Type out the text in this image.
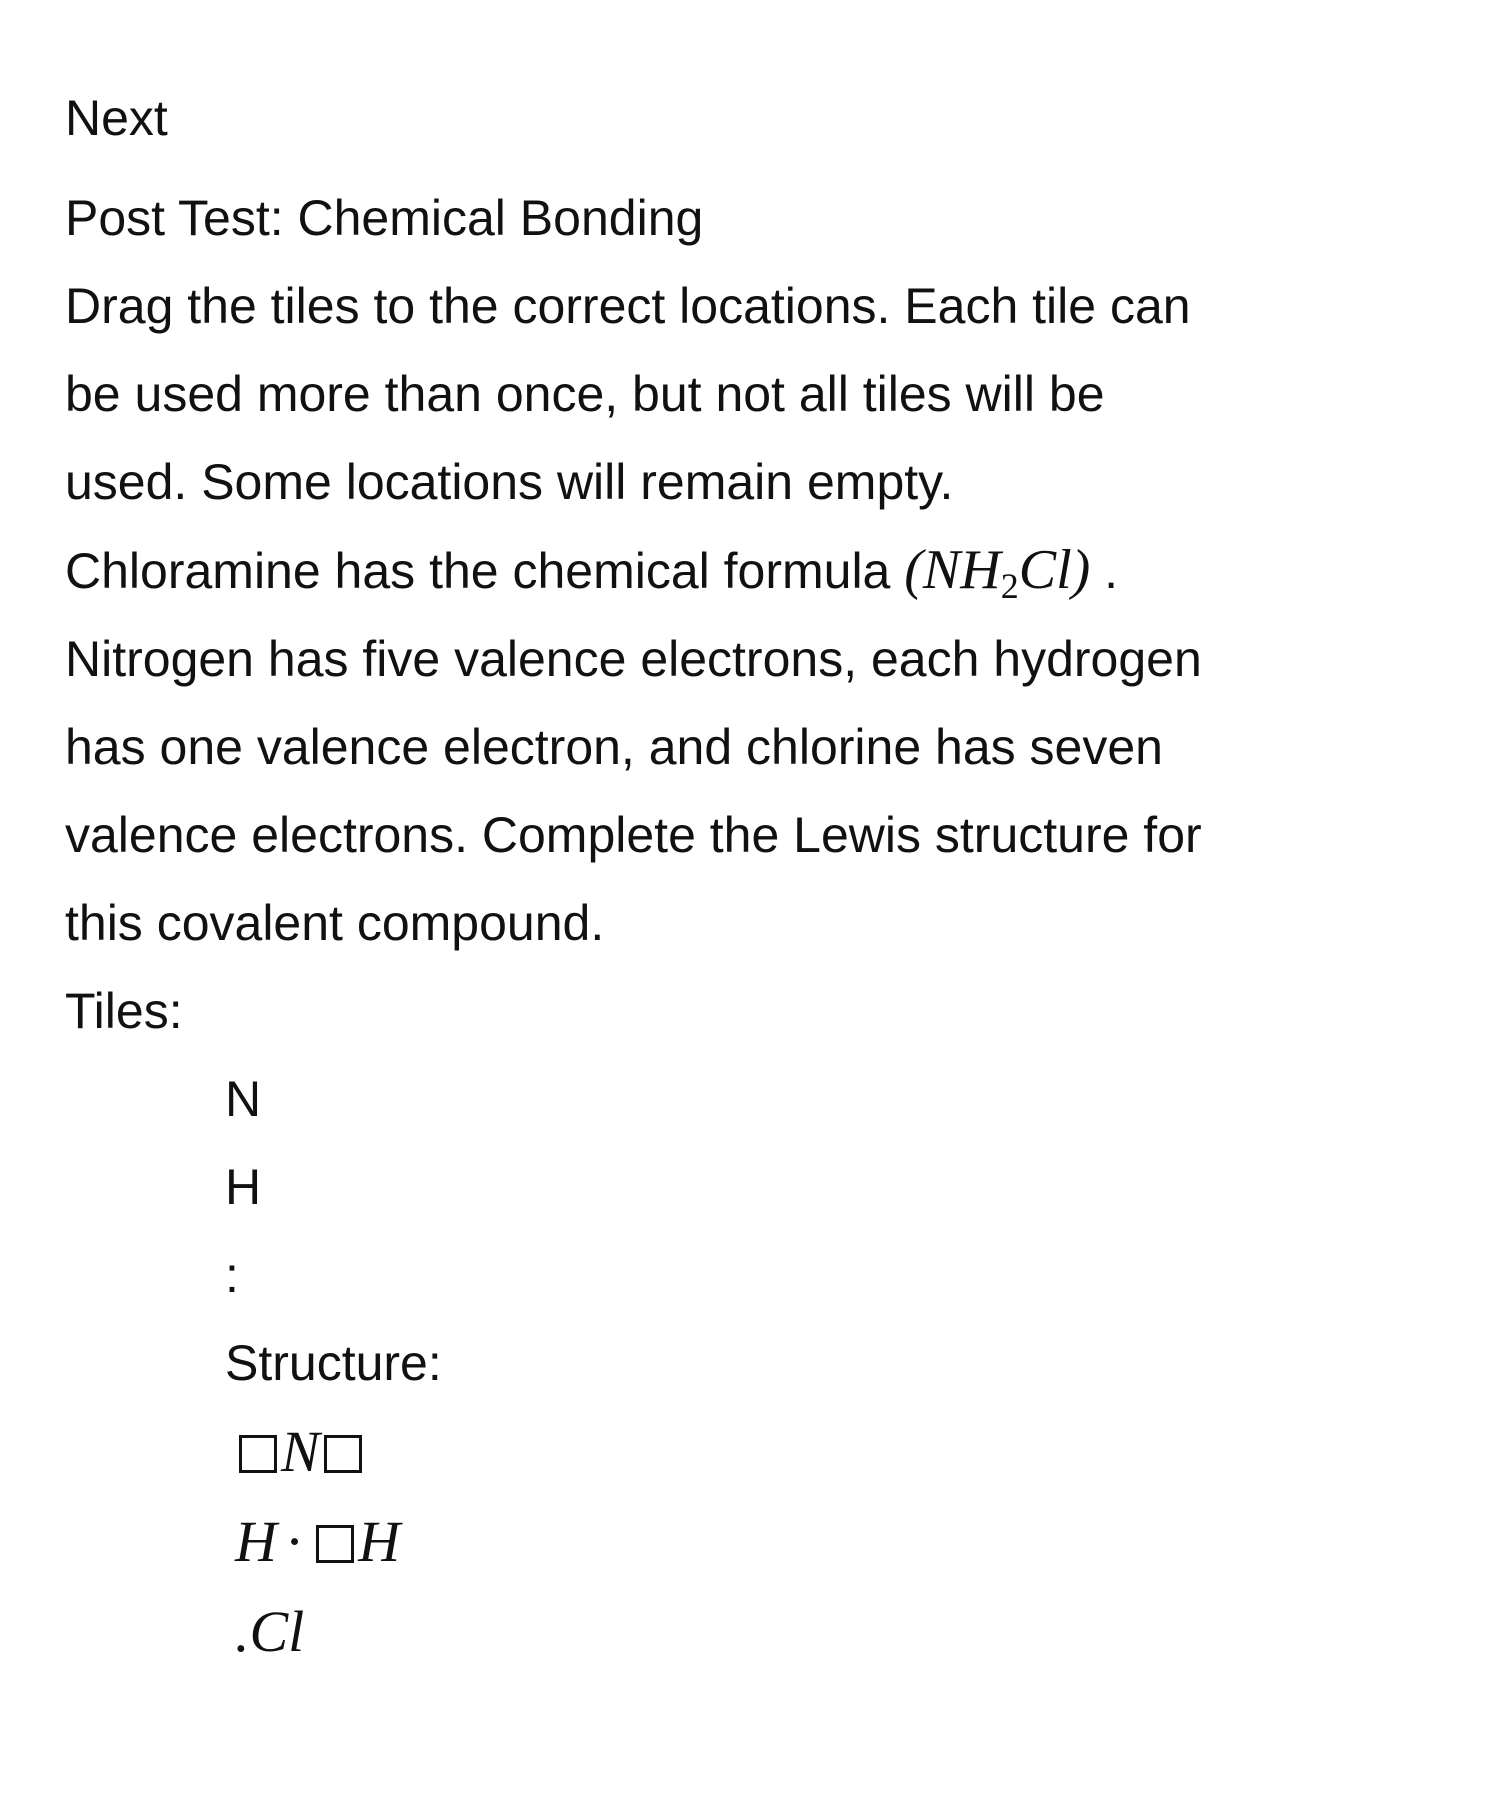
Next
Post Test: Chemical Bonding
Drag the tiles to the correct locations. Each tile can
be used more than once, but not all tiles will be
used. Some locations will remain empty.
Chloramine has the chemical formula $(NH_2Cl)$ .
Nitrogen has five valence electrons, each hydrogen
has one valence electron, and chlorine has seven
valence electrons. Complete the Lewis structure for
this covalent compound.
Tiles:
N
H
:
Structure:
N
H · H
.Cl
